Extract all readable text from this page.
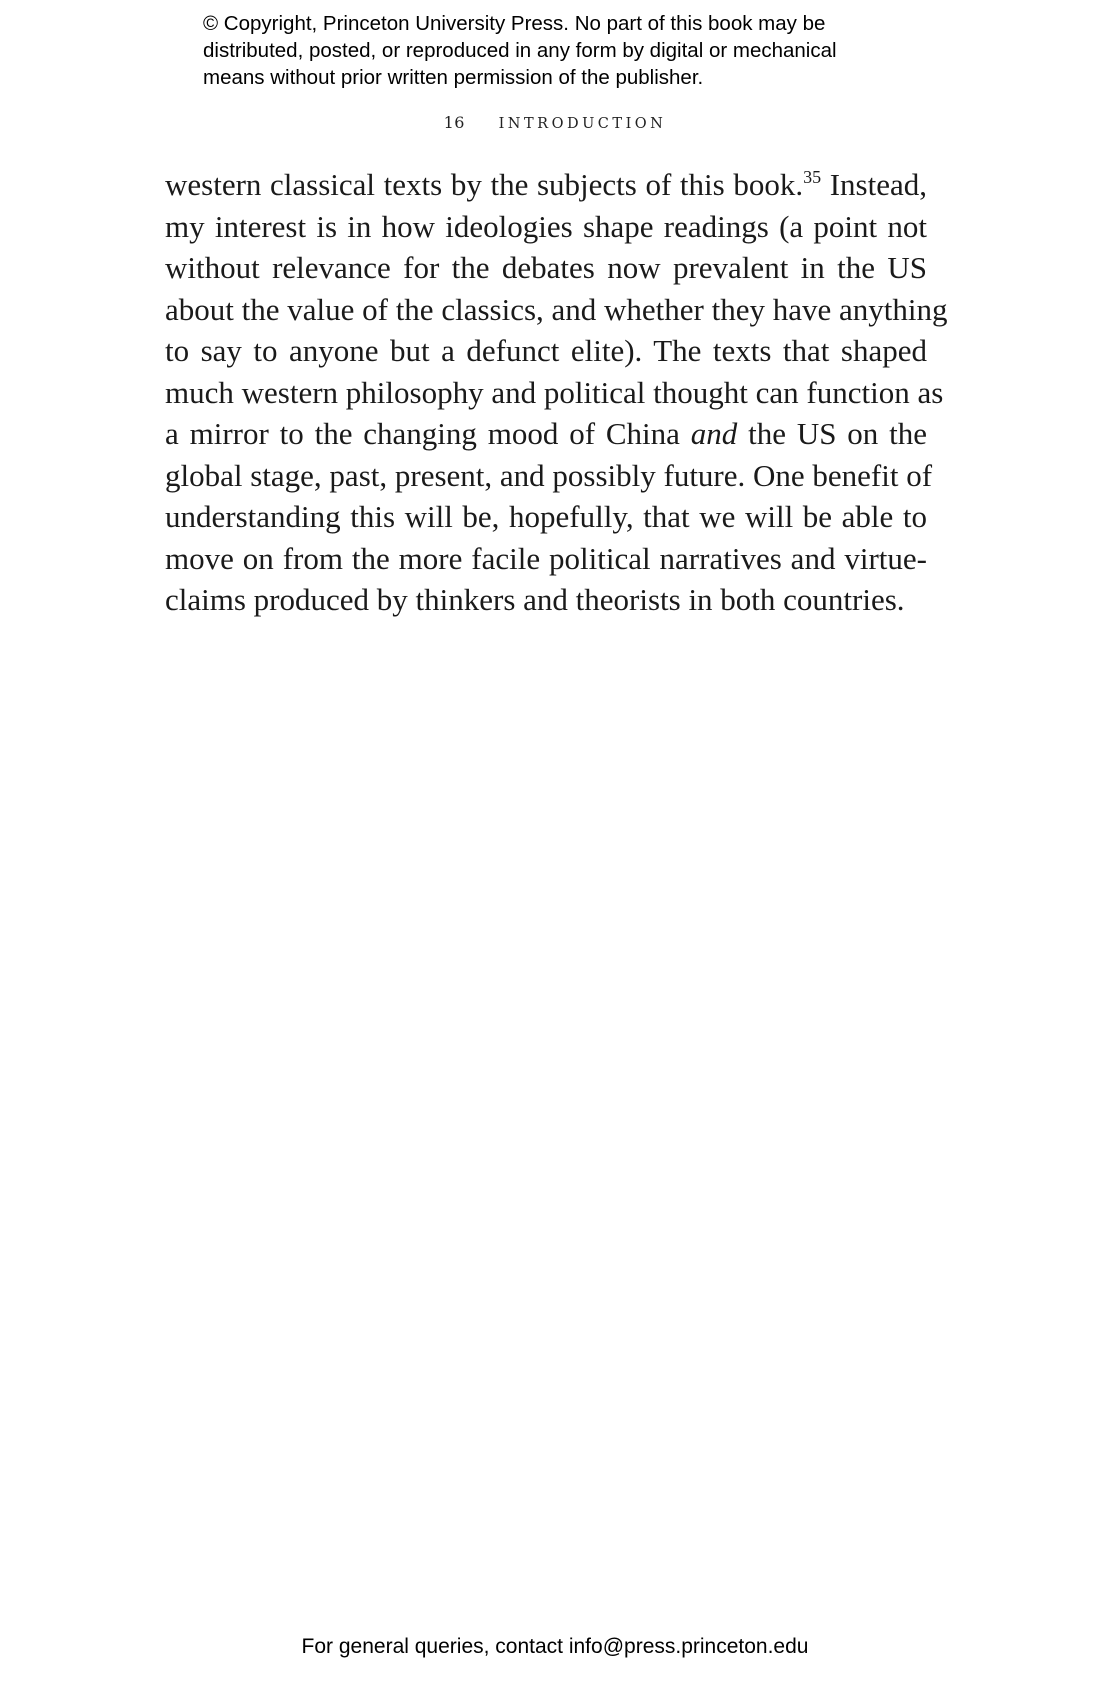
© Copyright, Princeton University Press. No part of this book may be
distributed, posted, or reproduced in any form by digital or mechanical
means without prior written permission of the publisher.
16 INTRODUCTION
western classical texts by the subjects of this book.$^{35}$ Instead,
my interest is in how ideologies shape readings (a point not
without relevance for the debates now prevalent in the US
about the value of the classics, and whether they have anything
to say to anyone but a defunct elite). The texts that shaped
much western philosophy and political thought can function as
a mirror to the changing mood of China and the US on the
global stage, past, present, and possibly future. One benefit of
understanding this will be, hopefully, that we will be able to
move on from the more facile political narratives and virtue-
claims produced by thinkers and theorists in both countries.
For general queries, contact info@press.princeton.edu
